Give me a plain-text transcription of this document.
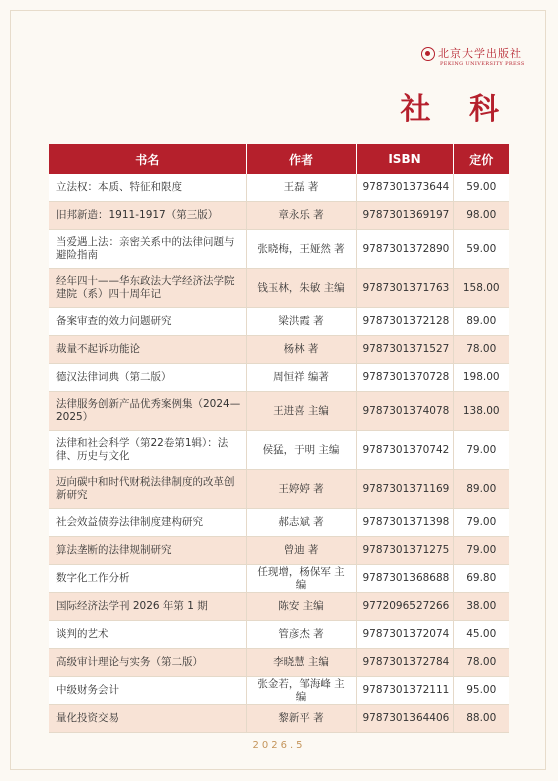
北京大学出版社
PEKING UNIVERSITY PRESS
社 科
书名	作者	ISBN	定价
立法权：本质、特征和限度	王磊 著	9787301373644	59.00
旧邦新造：1911-1917（第三版）	章永乐 著	9787301369197	98.00
当爱遇上法：亲密关系中的法律问题与避险指南	张晓梅，王娅然 著	9787301372890	59.00
经年四十——华东政法大学经济法学院建院（系）四十周年记	钱玉林，朱敏 主编	9787301371763	158.00
备案审查的效力问题研究	梁洪霞 著	9787301372128	89.00
裁量不起诉功能论	杨林 著	9787301371527	78.00
德汉法律词典（第二版）	周恒祥 编著	9787301370728	198.00
法律服务创新产品优秀案例集（2024—2025）	王进喜 主编	9787301374078	138.00
法律和社会科学（第22卷第1辑）：法律、历史与文化	侯猛，于明 主编	9787301370742	79.00
迈向碳中和时代财税法律制度的改革创新研究	王婷婷 著	9787301371169	89.00
社会效益债券法律制度建构研究	郝志斌 著	9787301371398	79.00
算法垄断的法律规制研究	曾迪 著	9787301371275	79.00
数字化工作分析	任现增，杨保军 主编	9787301368688	69.80
国际经济法学刊 2026 年第 1 期	陈安 主编	9772096527266	38.00
谈判的艺术	管彦杰 著	9787301372074	45.00
高级审计理论与实务（第二版）	李晓慧 主编	9787301372784	78.00
中级财务会计	张金若，邹海峰 主编	9787301372111	95.00
量化投资交易	黎新平 著	9787301364406	88.00
2026.5
